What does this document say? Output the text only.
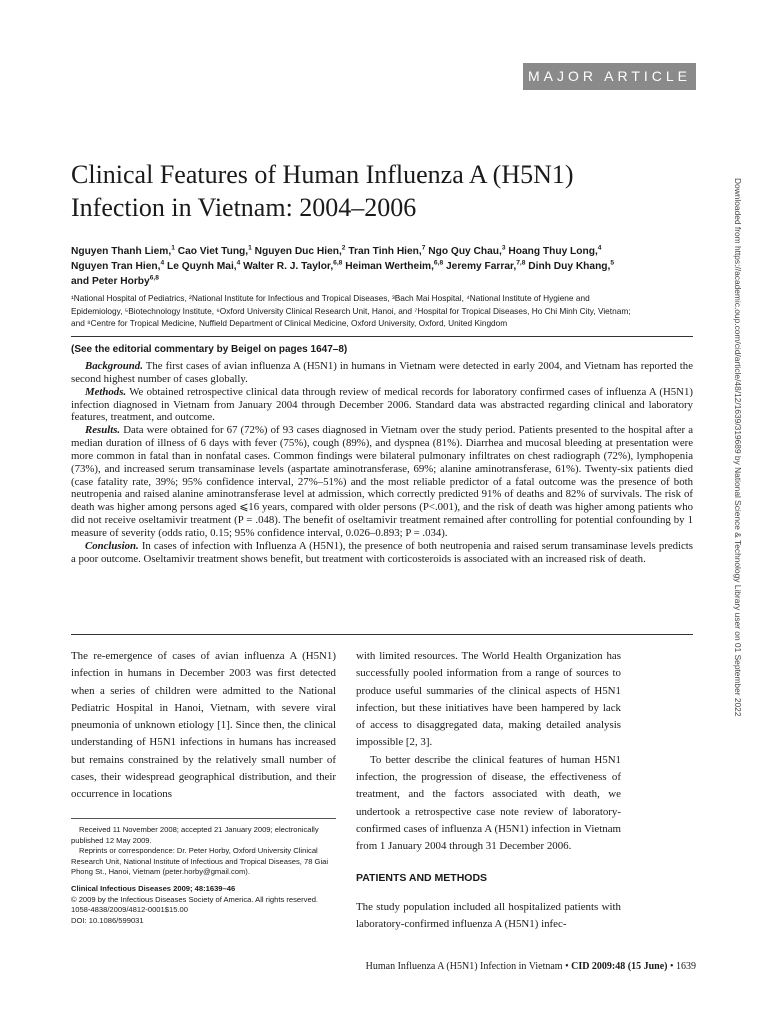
MAJOR ARTICLE
Clinical Features of Human Influenza A (H5N1) Infection in Vietnam: 2004–2006
Nguyen Thanh Liem,$^1$ Cao Viet Tung,$^1$ Nguyen Duc Hien,$^2$ Tran Tinh Hien,$^7$ Ngo Quy Chau,$^3$ Hoang Thuy Long,$^4$ Nguyen Tran Hien,$^4$ Le Quynh Mai,$^4$ Walter R. J. Taylor,$^{6,8}$ Heiman Wertheim,$^{6,8}$ Jeremy Farrar,$^{7,8}$ Dinh Duy Khang,$^5$ and Peter Horby$^{6,8}$
¹National Hospital of Pediatrics, ²National Institute for Infectious and Tropical Diseases, ³Bach Mai Hospital, ⁴National Institute of Hygiene and Epidemiology, ⁵Biotechnology Institute, ⁶Oxford University Clinical Research Unit, Hanoi, and ⁷Hospital for Tropical Diseases, Ho Chi Minh City, Vietnam; and ⁸Centre for Tropical Medicine, Nuffield Department of Clinical Medicine, Oxford University, Oxford, United Kingdom
(See the editorial commentary by Beigel on pages 1647–8)

Background. The first cases of avian influenza A (H5N1) in humans in Vietnam were detected in early 2004, and Vietnam has reported the second highest number of cases globally.

Methods. We obtained retrospective clinical data through review of medical records for laboratory confirmed cases of influenza A (H5N1) infection diagnosed in Vietnam from January 2004 through December 2006. Standard data was abstracted regarding clinical and laboratory features, treatment, and outcome.

Results. Data were obtained for 67 (72%) of 93 cases diagnosed in Vietnam over the study period. Patients presented to the hospital after a median duration of illness of 6 days with fever (75%), cough (89%), and dyspnea (81%). Diarrhea and mucosal bleeding at presentation were more common in fatal than in nonfatal cases. Common findings were bilateral pulmonary infiltrates on chest radiograph (72%), lymphopenia (73%), and increased serum transaminase levels (aspartate aminotransferase, 69%; alanine aminotransferase, 61%). Twenty-six patients died (case fatality rate, 39%; 95% confidence interval, 27%–51%) and the most reliable predictor of a fatal outcome was the presence of both neutropenia and raised alanine aminotransferase level at admission, which correctly predicted 91% of deaths and 82% of survivals. The risk of death was higher among persons aged ⩽16 years, compared with older persons (P<.001), and the risk of death was higher among patients who did not receive oseltamivir treatment (P = .048). The benefit of oseltamivir treatment remained after controlling for potential confounding by 1 measure of severity (odds ratio, 0.15; 95% confidence interval, 0.026–0.893; P = .034).

Conclusion. In cases of infection with Influenza A (H5N1), the presence of both neutropenia and raised serum transaminase levels predicts a poor outcome. Oseltamivir treatment shows benefit, but treatment with corticosteroids is associated with an increased risk of death.

The re-emergence of cases of avian influenza A (H5N1) infection in humans in December 2003 was first detected when a series of children were admitted to the National Pediatric Hospital in Hanoi, Vietnam, with severe viral pneumonia of unknown etiology [1]. Since then, the clinical understanding of H5N1 infections in humans has increased but remains constrained by the relatively small number of cases, their widespread geographical distribution, and their occurrence in locations

Received 11 November 2008; accepted 21 January 2009; electronically published 12 May 2009.

Reprints or correspondence: Dr. Peter Horby, Oxford University Clinical Research Unit, National Institute of Infectious and Tropical Diseases, 78 Giai Phong St., Hanoi, Vietnam (peter.horby@gmail.com).

Clinical Infectious Diseases 2009; 48:1639–46

© 2009 by the Infectious Diseases Society of America. All rights reserved.

1058-4838/2009/4812-0001$15.00

DOI: 10.1086/599031

with limited resources. The World Health Organization has successfully pooled information from a range of sources to produce useful summaries of the clinical aspects of H5N1 infection, but these initiatives have been hampered by lack of access to disaggregated data, making detailed analysis impossible [2, 3].

To better describe the clinical features of human H5N1 infection, the progression of disease, the effectiveness of treatment, and the factors associated with death, we undertook a retrospective case note review of laboratory-confirmed cases of influenza A (H5N1) infection in Vietnam from 1 January 2004 through 31 December 2006.

PATIENTS AND METHODS

The study population included all hospitalized patients with laboratory-confirmed influenza A (H5N1) infec-

Human Influenza A (H5N1) Infection in Vietnam • CID 2009:48 (15 June) • 1639
Downloaded from https://academic.oup.com/cid/article/48/12/1639/319689 by National Science & Technology Library user on 01 September 2022
